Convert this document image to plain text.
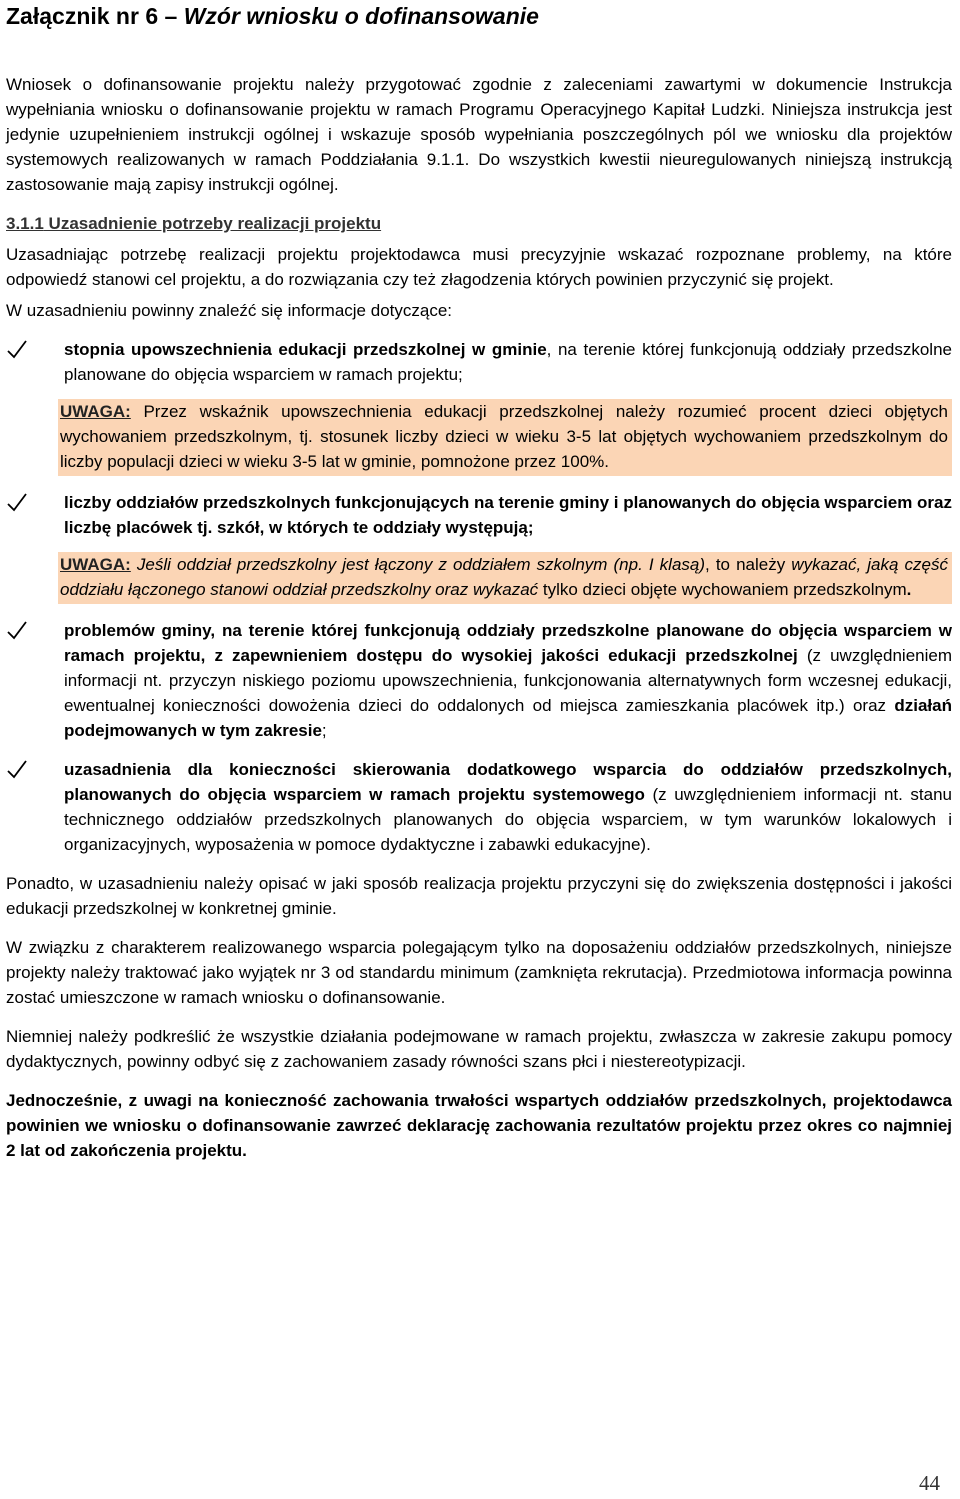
Załącznik nr 6 – Wzór wniosku o dofinansowanie

Wniosek o dofinansowanie projektu należy przygotować zgodnie z zaleceniami zawartymi w dokumencie Instrukcja wypełniania wniosku o dofinansowanie projektu w ramach Programu Operacyjnego Kapitał Ludzki. Niniejsza instrukcja jest jedynie uzupełnieniem instrukcji ogólnej i wskazuje sposób wypełniania poszczególnych pól we wniosku dla projektów systemowych realizowanych w ramach Poddziałania 9.1.1. Do wszystkich kwestii nieuregulowanych niniejszą instrukcją zastosowanie mają zapisy instrukcji ogólnej.

3.1.1 Uzasadnienie potrzeby realizacji projektu

Uzasadniając potrzebę realizacji projektu projektodawca musi precyzyjnie wskazać rozpoznane problemy, na które odpowiedź stanowi cel projektu, a do rozwiązania czy też złagodzenia których powinien przyczynić się projekt.

W uzasadnieniu powinny znaleźć się informacje dotyczące:

stopnia upowszechnienia edukacji przedszkolnej w gminie, na terenie której funkcjonują oddziały przedszkolne planowane do objęcia wsparciem w ramach projektu;

UWAGA: Przez wskaźnik upowszechnienia edukacji przedszkolnej należy rozumieć procent dzieci objętych wychowaniem przedszkolnym, tj. stosunek liczby dzieci w wieku 3-5 lat objętych wychowaniem przedszkolnym do liczby populacji dzieci w wieku 3-5 lat w gminie, pomnożone przez 100%.

liczby oddziałów przedszkolnych funkcjonujących na terenie gminy i planowanych do objęcia wsparciem oraz liczbę placówek tj. szkół, w których te oddziały występują;

UWAGA: Jeśli oddział przedszkolny jest łączony z oddziałem szkolnym (np. I klasą), to należy wykazać, jaką część oddziału łączonego stanowi oddział przedszkolny oraz wykazać tylko dzieci objęte wychowaniem przedszkolnym.

problemów gminy, na terenie której funkcjonują oddziały przedszkolne planowane do objęcia wsparciem w ramach projektu, z zapewnieniem dostępu do wysokiej jakości edukacji przedszkolnej (z uwzględnieniem informacji nt. przyczyn niskiego poziomu upowszechnienia, funkcjonowania alternatywnych form wczesnej edukacji, ewentualnej konieczności dowożenia dzieci do oddalonych od miejsca zamieszkania placówek itp.) oraz działań podejmowanych w tym zakresie;

uzasadnienia dla konieczności skierowania dodatkowego wsparcia do oddziałów przedszkolnych, planowanych do objęcia wsparciem w ramach projektu systemowego (z uwzględnieniem informacji nt. stanu technicznego oddziałów przedszkolnych planowanych do objęcia wsparciem, w tym warunków lokalowych i organizacyjnych, wyposażenia w pomoce dydaktyczne i zabawki edukacyjne).

Ponadto, w uzasadnieniu należy opisać w jaki sposób realizacja projektu przyczyni się do zwiększenia dostępności i jakości edukacji przedszkolnej w konkretnej gminie.

W związku z charakterem realizowanego wsparcia polegającym tylko na doposażeniu oddziałów przedszkolnych, niniejsze projekty należy traktować jako wyjątek nr 3 od standardu minimum (zamknięta rekrutacja). Przedmiotowa informacja powinna zostać umieszczone w ramach wniosku o dofinansowanie.

Niemniej należy podkreślić że wszystkie działania podejmowane w ramach projektu, zwłaszcza w zakresie zakupu pomocy dydaktycznych, powinny odbyć się z zachowaniem zasady równości szans płci i niestereotypizacji.

Jednocześnie, z uwagi na konieczność zachowania trwałości wspartych oddziałów przedszkolnych, projektodawca powinien we wniosku o dofinansowanie zawrzeć deklarację zachowania rezultatów projektu przez okres co najmniej 2 lat od zakończenia projektu.

44
